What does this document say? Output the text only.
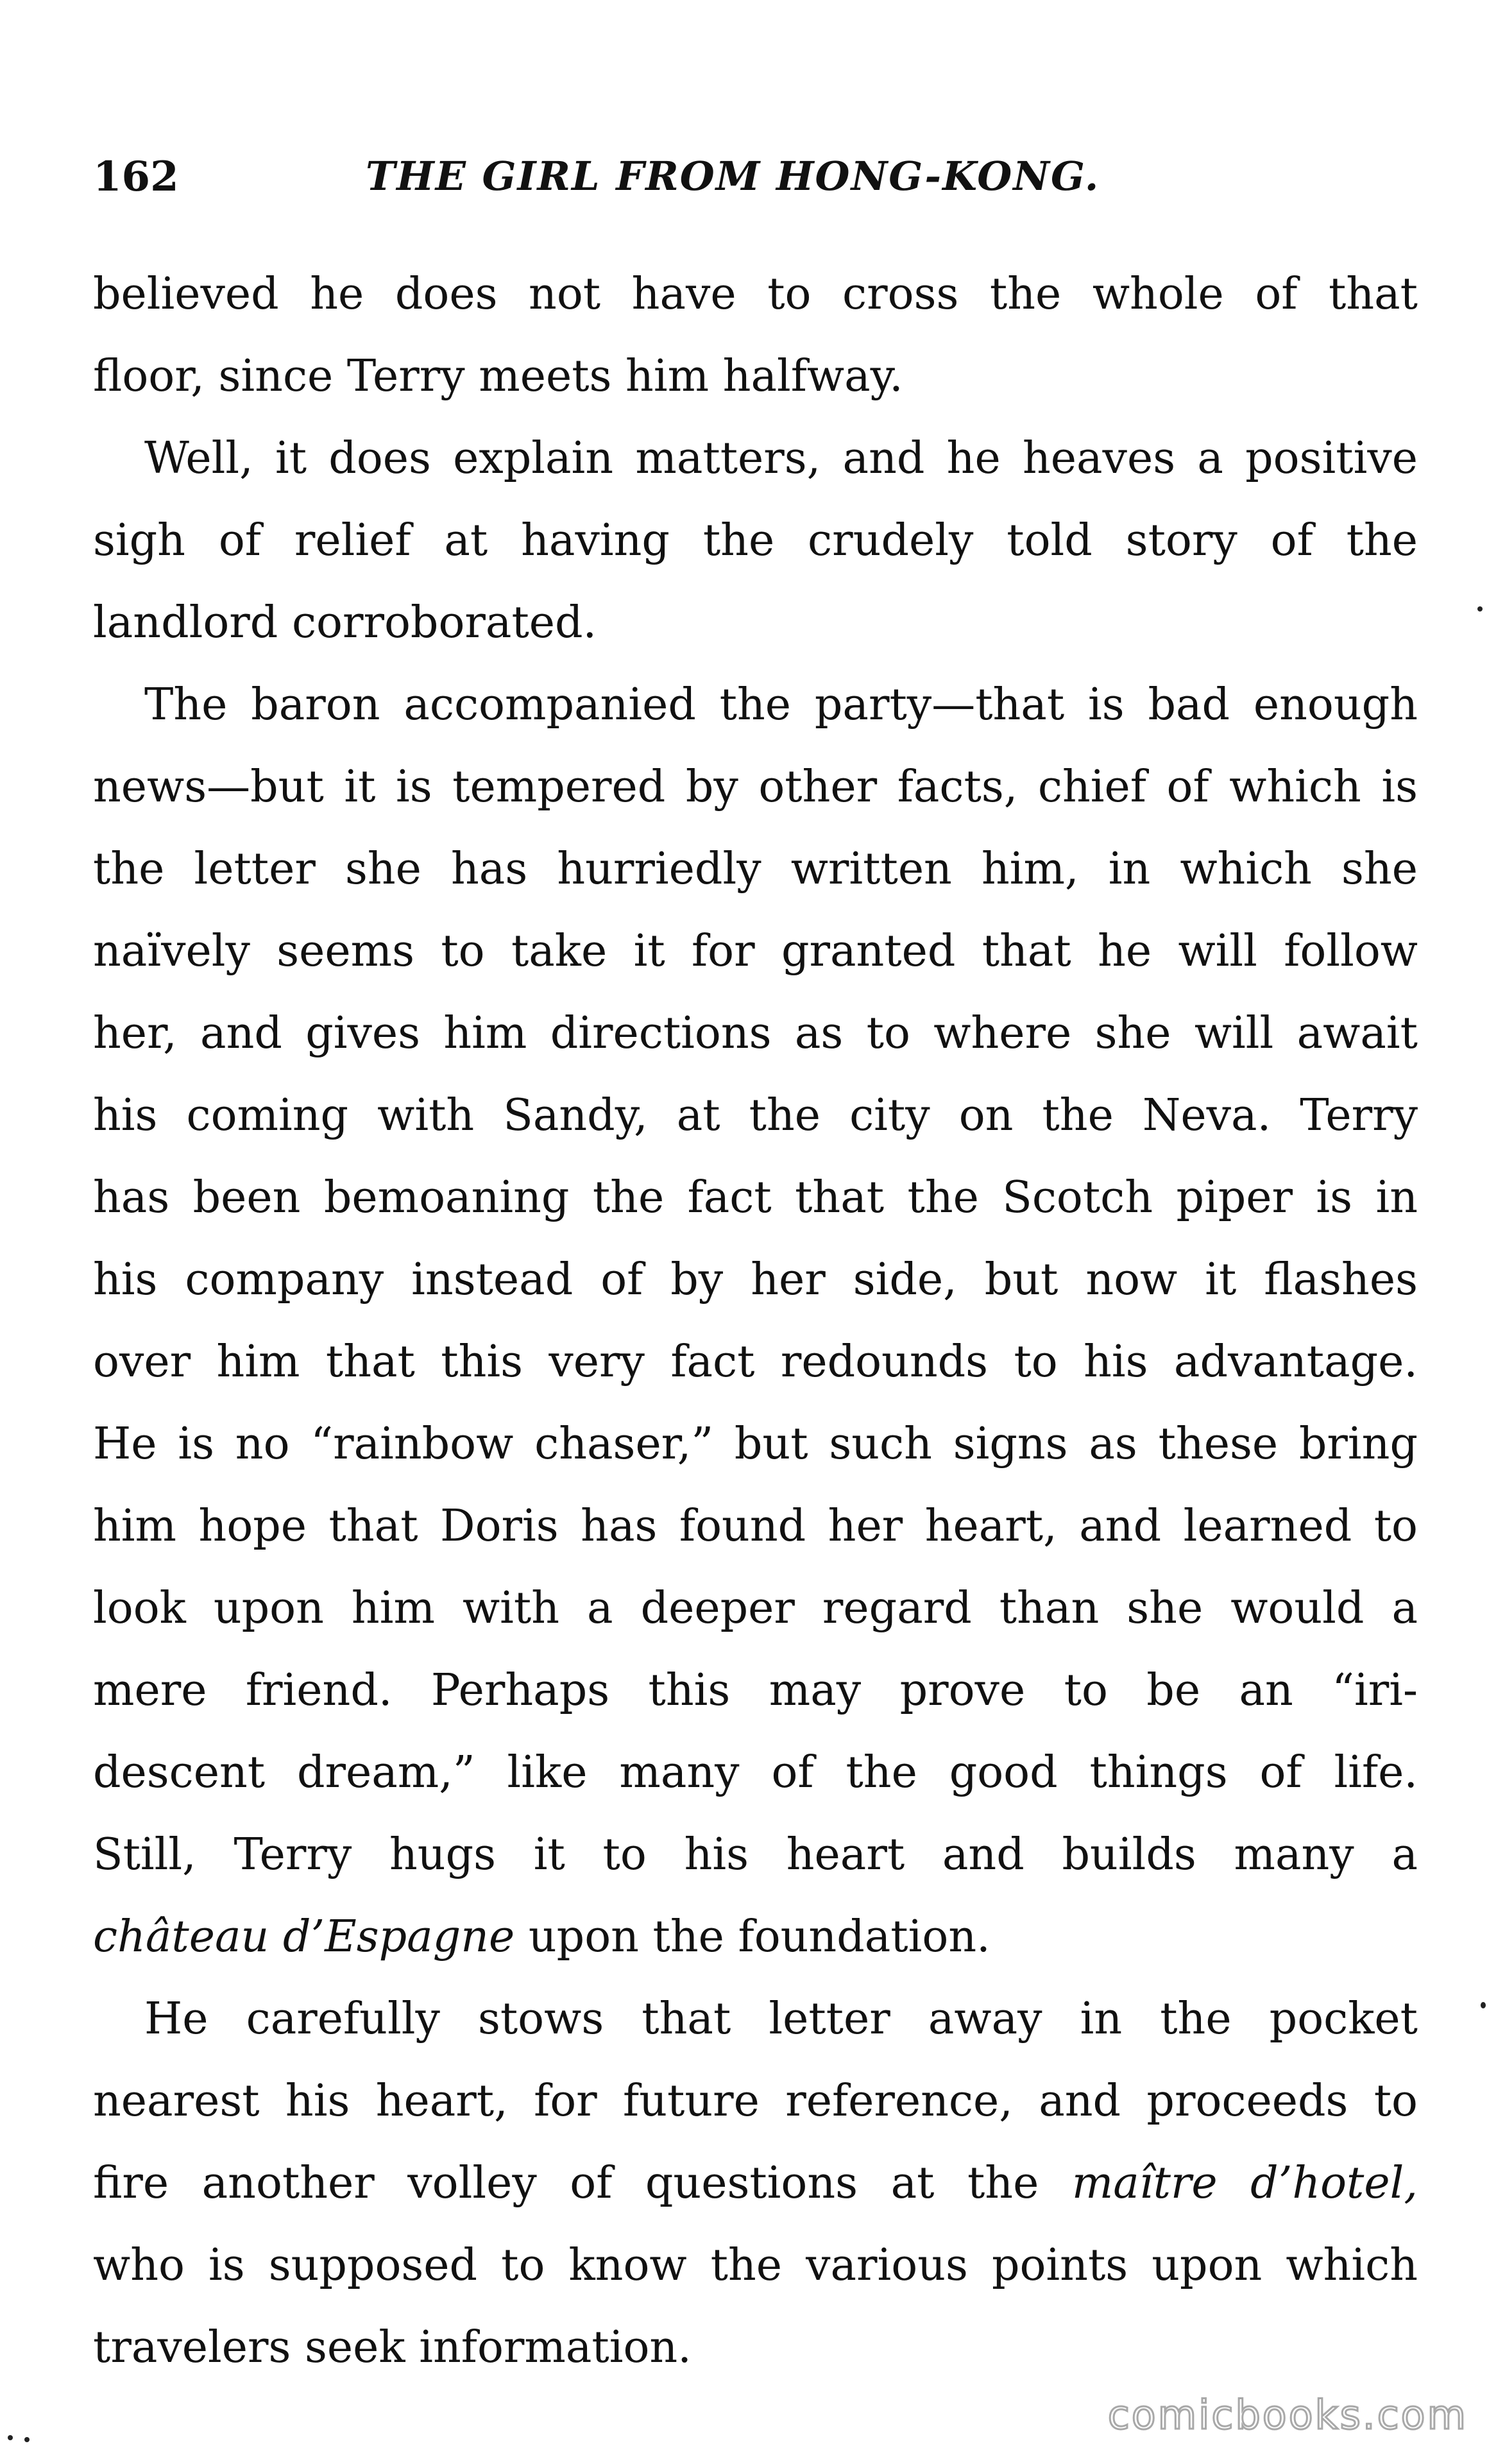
162	THE GIRL FROM HONG-KONG.
believed he does not have to cross the whole of that
floor, since Terry meets him halfway.
Well, it does explain matters, and he heaves a positive
sigh of relief at having the crudely told story of the
landlord corroborated.
The baron accompanied the party—that is bad enough
news—but it is tempered by other facts, chief of which is
the letter she has hurriedly written him, in which she
naïvely seems to take it for granted that he will follow
her, and gives him directions as to where she will await
his coming with Sandy, at the city on the Neva. Terry
has been bemoaning the fact that the Scotch piper is in
his company instead of by her side, but now it flashes
over him that this very fact redounds to his advantage.
He is no “rainbow chaser,” but such signs as these bring
him hope that Doris has found her heart, and learned to
look upon him with a deeper regard than she would a
mere friend. Perhaps this may prove to be an “iri-
descent dream,” like many of the good things of life.
Still, Terry hugs it to his heart and builds many a
château d’Espagne upon the foundation.
He carefully stows that letter away in the pocket
nearest his heart, for future reference, and proceeds to
fire another volley of questions at the maître d’hotel,
who is supposed to know the various points upon which
travelers seek information.
comicbooks.com
